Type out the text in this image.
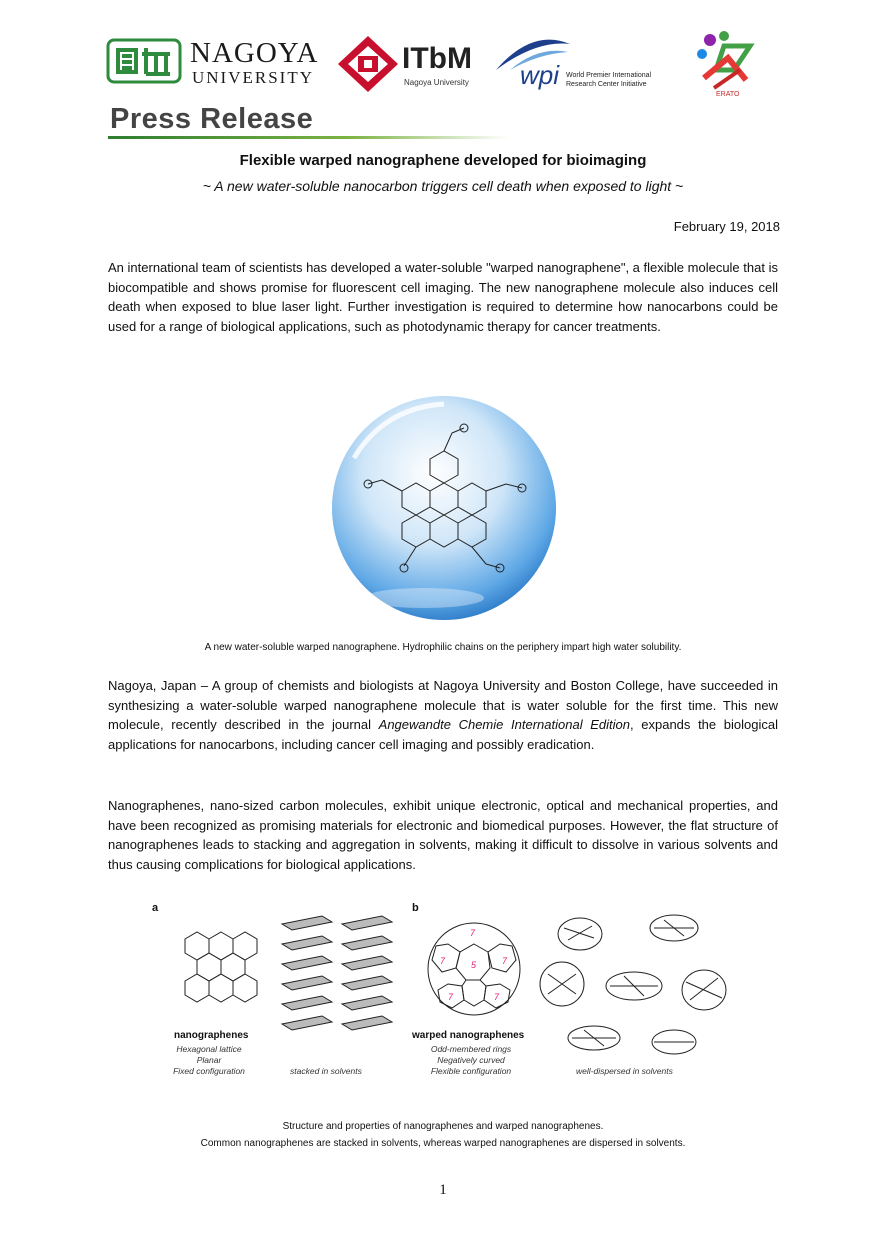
NAGOYA
UNIVERSITY
ITbM
Nagoya University wpi World Premier International
Research Center Initiative
ERATO
Press Release
Flexible warped nanographene developed for bioimaging
~ A new water-soluble nanocarbon triggers cell death when exposed to light ~
February 19, 2018
An international team of scientists has developed a water-soluble "warped nanographene", a flexible molecule that is biocompatible and shows promise for fluorescent cell imaging. The new nanographene molecule also induces cell death when exposed to blue laser light. Further investigation is required to determine how nanocarbons could be used for a range of biological applications, such as photodynamic therapy for cancer treatments.
A new water-soluble warped nanographene. Hydrophilic chains on the periphery impart high water solubility.
Nagoya, Japan – A group of chemists and biologists at Nagoya University and Boston College, have succeeded in synthesizing a water-soluble warped nanographene molecule that is water soluble for the first time. This new molecule, recently described in the journal Angewandte Chemie International Edition, expands the biological applications for nanocarbons, including cancer cell imaging and possibly eradication.
Nanographenes, nano-sized carbon molecules, exhibit unique electronic, optical and mechanical properties, and have been recognized as promising materials for electronic and biomedical purposes. However, the flat structure of nanographenes leads to stacking and aggregation in solvents, making it difficult to dissolve in various solvents and thus causing complications for biological applications.
a	b
7
7	7
5
7	7
nanographenes
Hexagonal lattice
Planar
Fixed configuration	stacked in solvents
warped nanographenes
Odd-membered rings
Negatively curved
Flexible configuration	well-dispersed in solvents
Structure and properties of nanographenes and warped nanographenes.
Common nanographenes are stacked in solvents, whereas warped nanographenes are dispersed in solvents.
1
